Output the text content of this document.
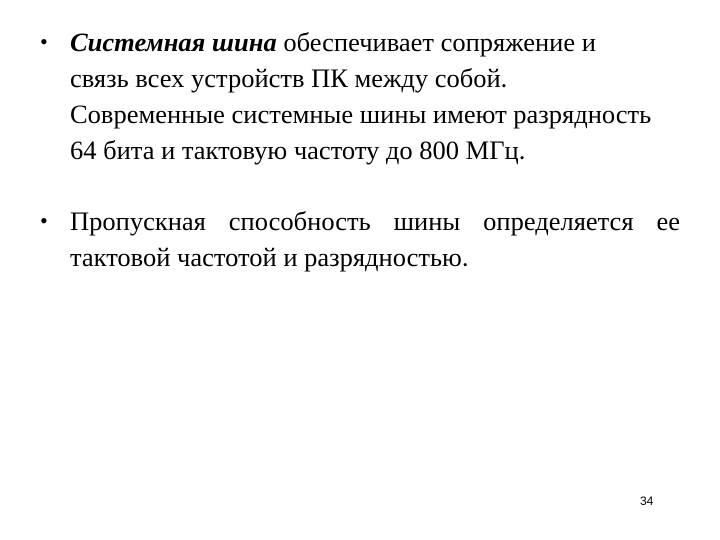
• Системная шина обеспечивает сопряжение и связь всех устройств ПК между собой. Современные системные шины имеют разрядность 64 бита и тактовую частоту до 800 МГц.
• Пропускная способность шины определяется ее тактовой частотой и разрядностью.
34
